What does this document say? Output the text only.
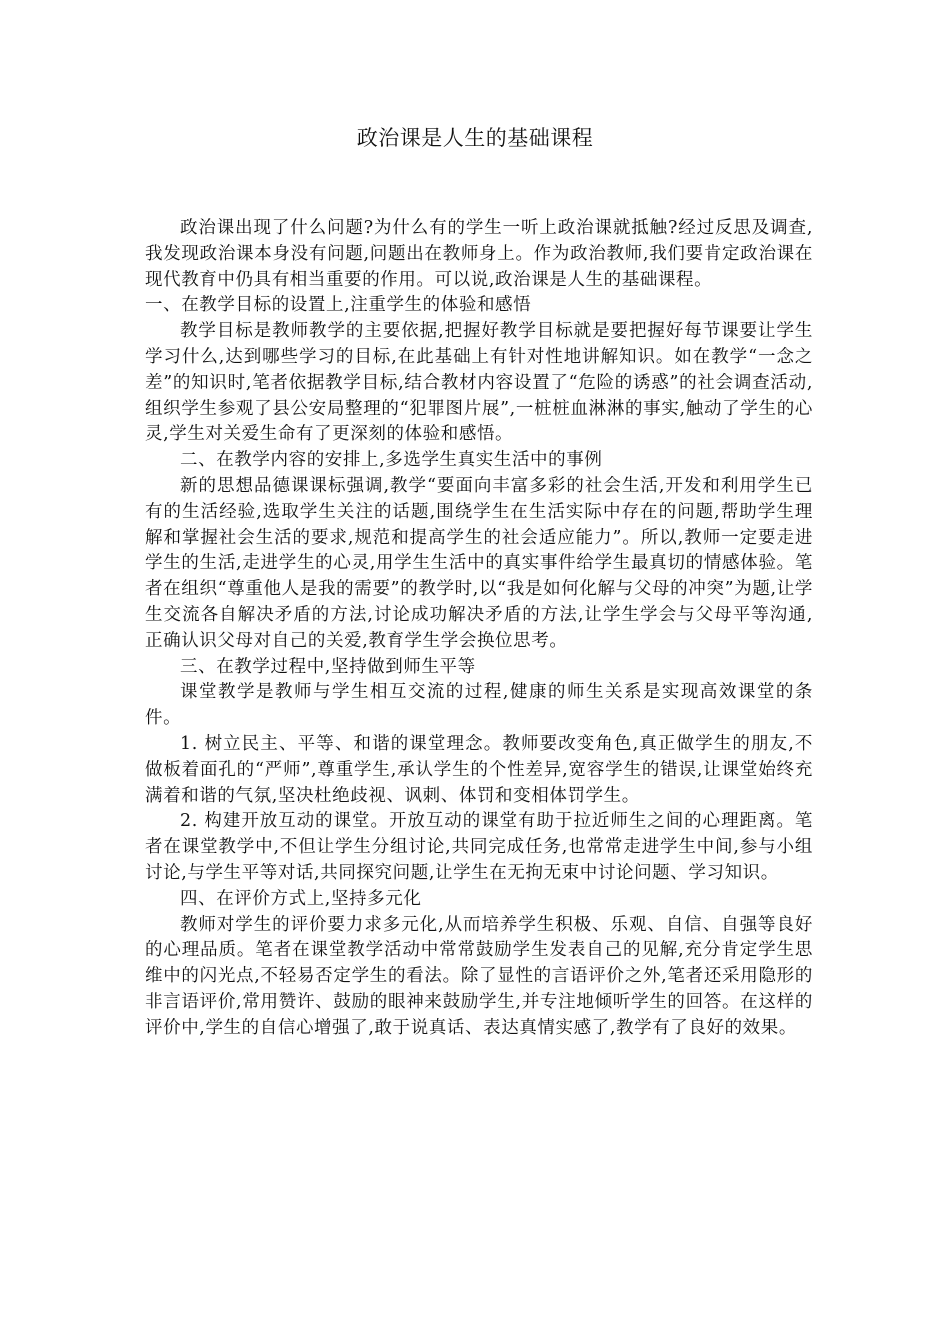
政治课是人生的基础课程

政治课出现了什么问题?为什么有的学生一听上政治课就抵触?经过反思及调查,我发现政治课本身没有问题,问题出在教师身上。作为政治教师,我们要肯定政治课在现代教育中仍具有相当重要的作用。可以说,政治课是人生的基础课程。

一、在教学目标的设置上,注重学生的体验和感悟

教学目标是教师教学的主要依据,把握好教学目标就是要把握好每节课要让学生学习什么,达到哪些学习的目标,在此基础上有针对性地讲解知识。如在教学“一念之差”的知识时,笔者依据教学目标,结合教材内容设置了“危险的诱惑”的社会调查活动,组织学生参观了县公安局整理的“犯罪图片展”,一桩桩血淋淋的事实,触动了学生的心灵,学生对关爱生命有了更深刻的体验和感悟。

二、在教学内容的安排上,多选学生真实生活中的事例

新的思想品德课课标强调,教学“要面向丰富多彩的社会生活,开发和利用学生已有的生活经验,选取学生关注的话题,围绕学生在生活实际中存在的问题,帮助学生理解和掌握社会生活的要求,规范和提高学生的社会适应能力”。所以,教师一定要走进学生的生活,走进学生的心灵,用学生生活中的真实事件给学生最真切的情感体验。笔者在组织“尊重他人是我的需要”的教学时,以“我是如何化解与父母的冲突”为题,让学生交流各自解决矛盾的方法,讨论成功解决矛盾的方法,让学生学会与父母平等沟通,正确认识父母对自己的关爱,教育学生学会换位思考。

三、在教学过程中,坚持做到师生平等

课堂教学是教师与学生相互交流的过程,健康的师生关系是实现高效课堂的条件。

1. 树立民主、平等、和谐的课堂理念。教师要改变角色,真正做学生的朋友,不做板着面孔的“严师”,尊重学生,承认学生的个性差异,宽容学生的错误,让课堂始终充满着和谐的气氛,坚决杜绝歧视、讽刺、体罚和变相体罚学生。

2. 构建开放互动的课堂。开放互动的课堂有助于拉近师生之间的心理距离。笔者在课堂教学中,不但让学生分组讨论,共同完成任务,也常常走进学生中间,参与小组讨论,与学生平等对话,共同探究问题,让学生在无拘无束中讨论问题、学习知识。

四、在评价方式上,坚持多元化

教师对学生的评价要力求多元化,从而培养学生积极、乐观、自信、自强等良好的心理品质。笔者在课堂教学活动中常常鼓励学生发表自己的见解,充分肯定学生思维中的闪光点,不轻易否定学生的看法。除了显性的言语评价之外,笔者还采用隐形的非言语评价,常用赞许、鼓励的眼神来鼓励学生,并专注地倾听学生的回答。在这样的评价中,学生的自信心增强了,敢于说真话、表达真情实感了,教学有了良好的效果。
